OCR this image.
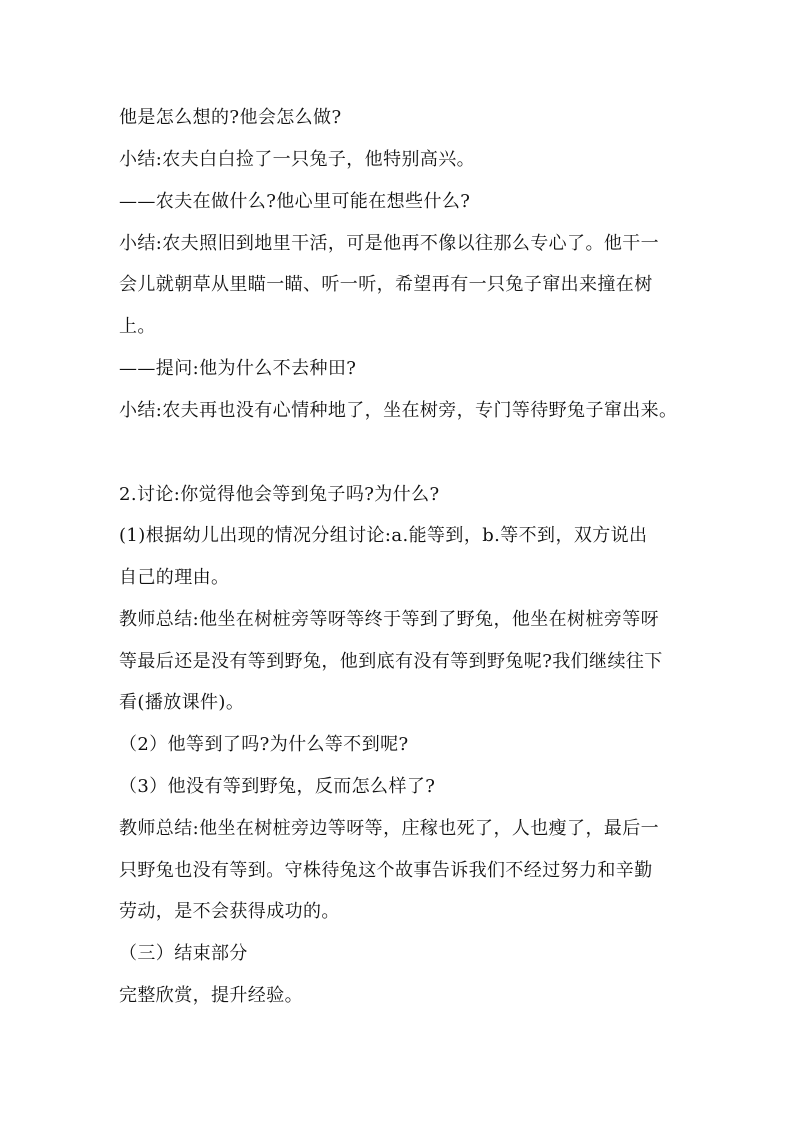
他是怎么想的?他会怎么做?
小结:农夫白白捡了一只兔子，他特别高兴。
——农夫在做什么?他心里可能在想些什么?
小结:农夫照旧到地里干活，可是他再不像以往那么专心了。他干一
会儿就朝草从里瞄一瞄、听一听，希望再有一只兔子窜出来撞在树
上。
——提问:他为什么不去种田?
小结:农夫再也没有心情种地了，坐在树旁，专门等待野兔子窜出来。
2.讨论:你觉得他会等到兔子吗?为什么?
(1)根据幼儿出现的情况分组讨论:a.能等到，b.等不到，双方说出
自己的理由。
教师总结:他坐在树桩旁等呀等终于等到了野兔，他坐在树桩旁等呀
等最后还是没有等到野兔，他到底有没有等到野兔呢?我们继续往下
看(播放课件)。
（2）他等到了吗?为什么等不到呢?
（3）他没有等到野兔，反而怎么样了?
教师总结:他坐在树桩旁边等呀等，庄稼也死了，人也瘦了，最后一
只野兔也没有等到。守株待兔这个故事告诉我们不经过努力和辛勤
劳动，是不会获得成功的。
（三）结束部分
完整欣赏，提升经验。
